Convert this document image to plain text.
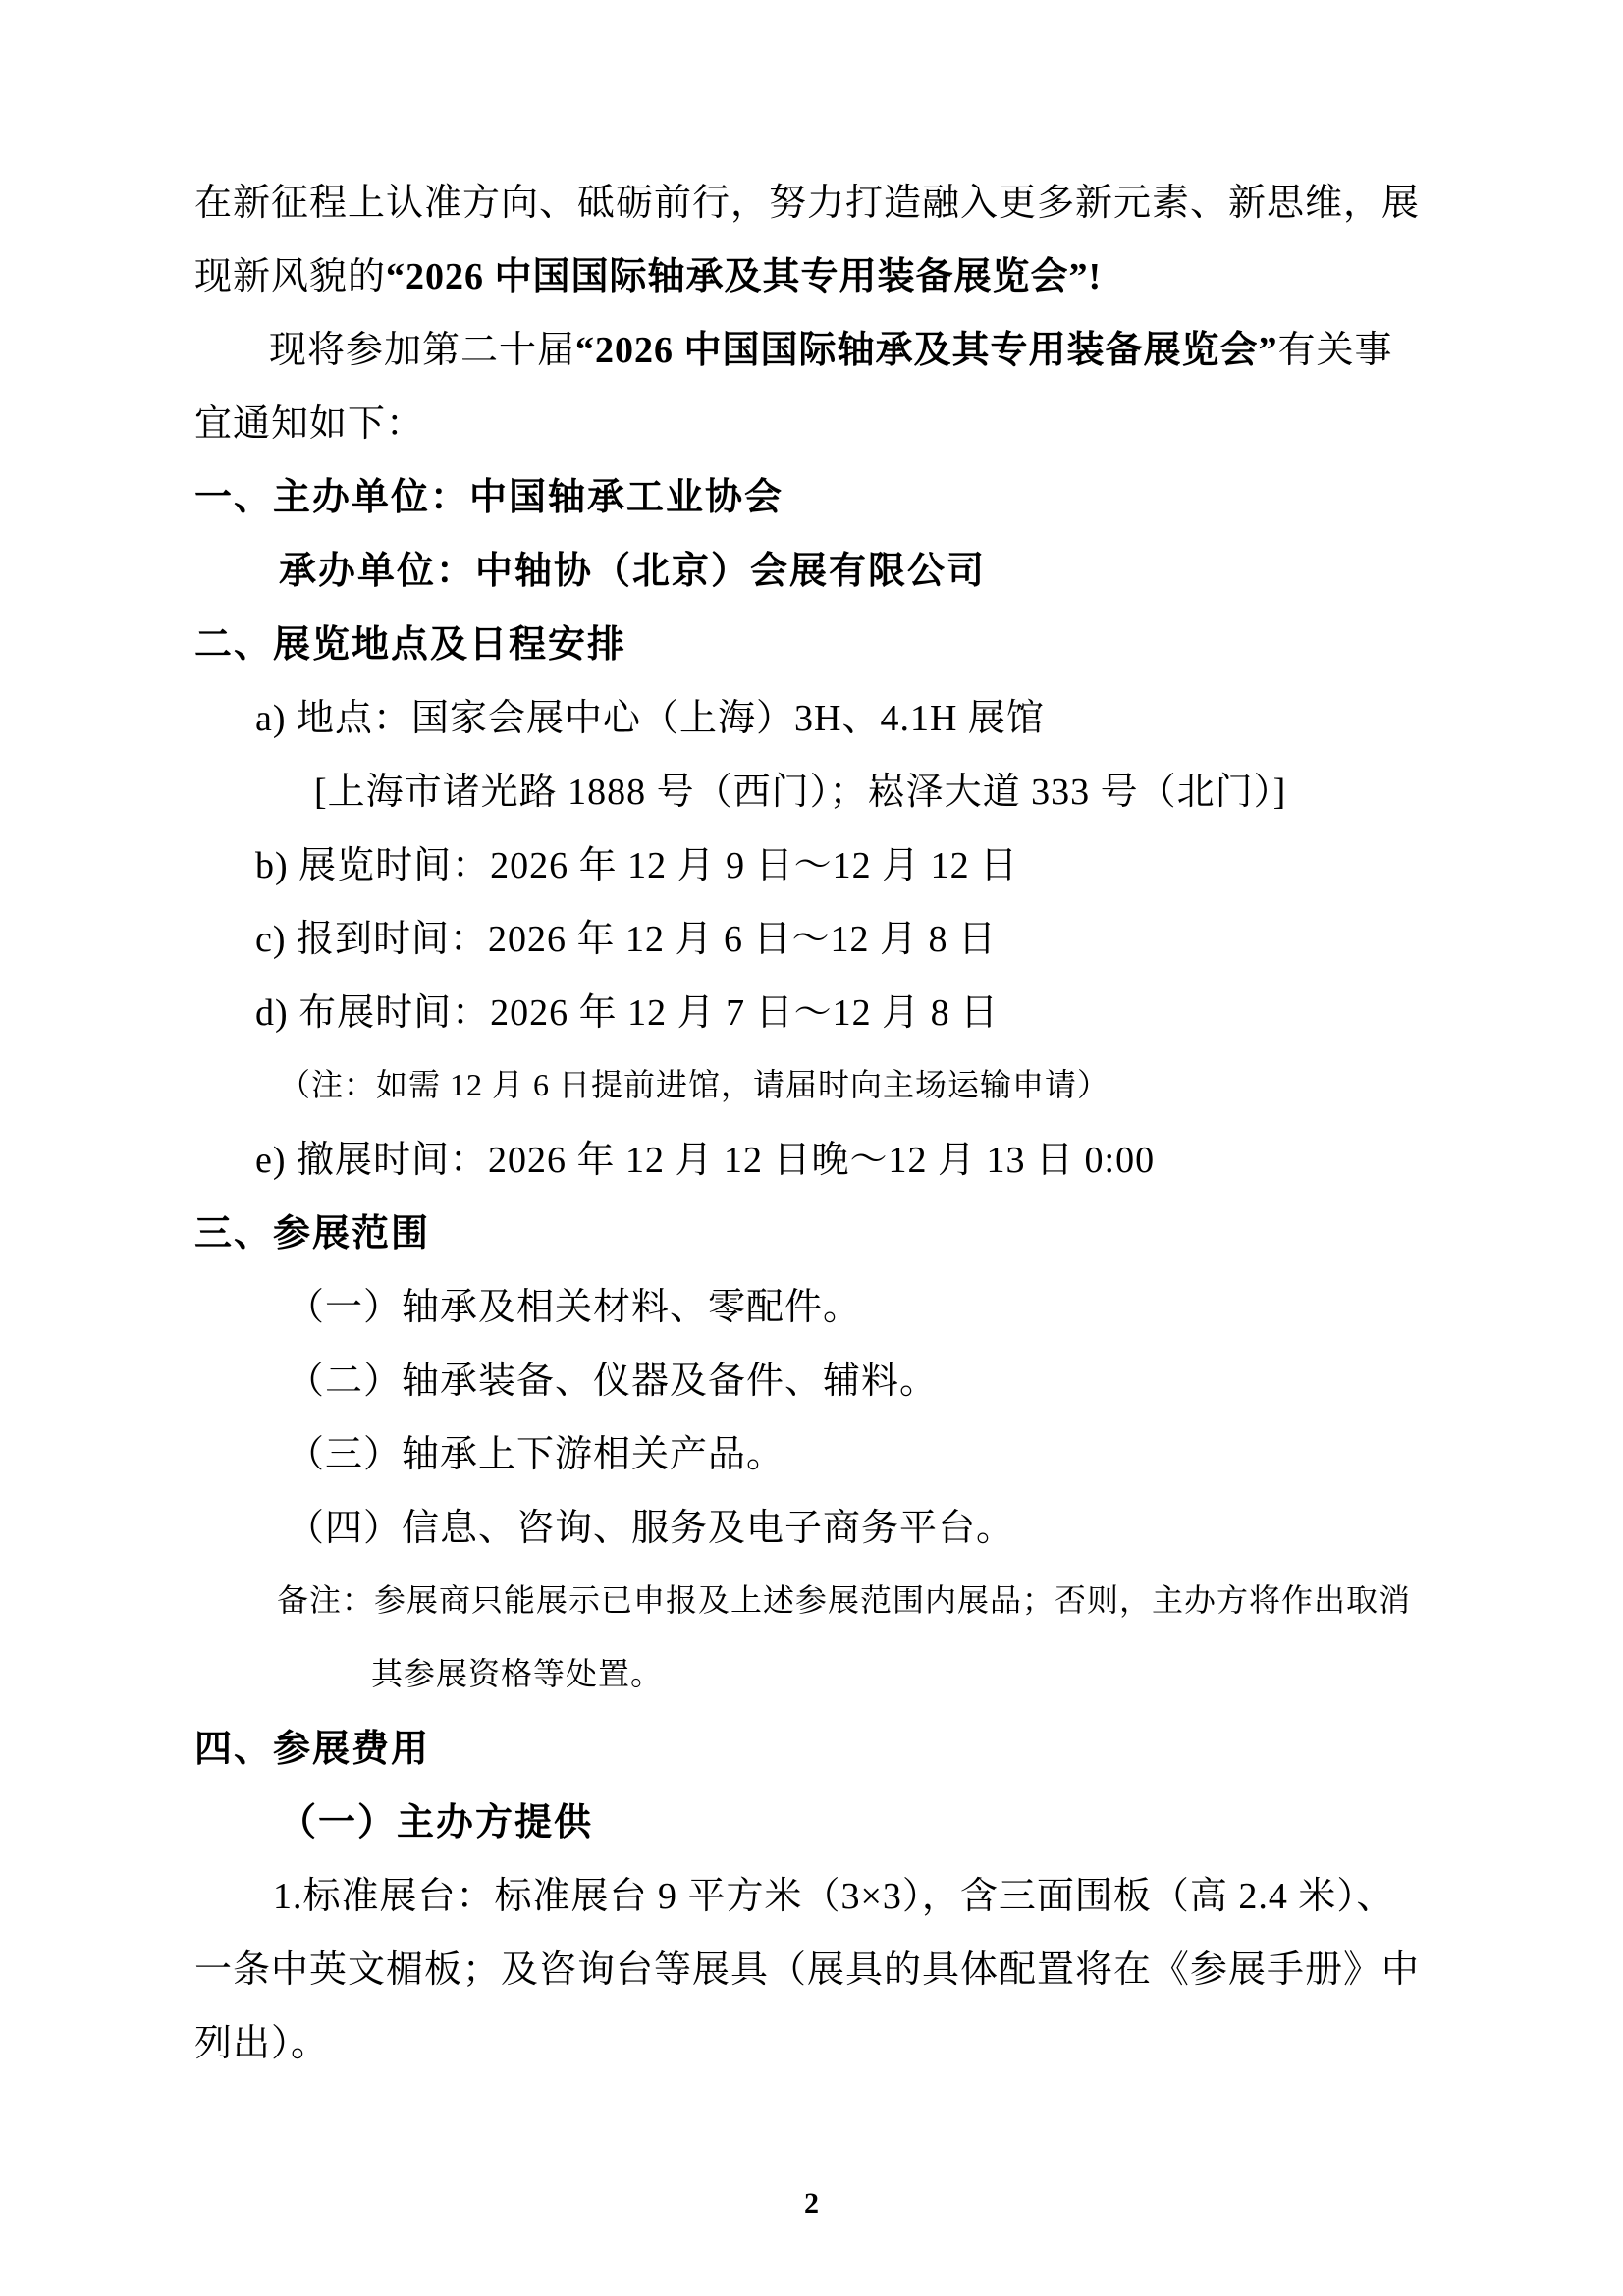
在新征程上认准方向、砥砺前行，努力打造融入更多新元素、新思维，展
现新风貌的 “2026 中国国际轴承及其专用装备展览会”!
现将参加第二十届 “2026 中国国际轴承及其专用装备展览会” 有关事
宜通知如下：
一、主办单位：中国轴承工业协会
承办单位：中轴协（北京）会展有限公司
二、展览地点及日程安排
a) 地点：国家会展中心（上海）3H、4.1H 展馆
[上海市诸光路 1888 号（西门）；崧泽大道 333 号（北门）]
b) 展览时间：2026 年 12 月 9 日～12 月 12 日
c) 报到时间：2026 年 12 月 6 日～12 月 8 日
d) 布展时间：2026 年 12 月 7 日～12 月 8 日
（注：如需 12 月 6 日提前进馆，请届时向主场运输申请）
e) 撤展时间：2026 年 12 月 12 日晚～12 月 13 日 0:00
三、参展范围
（一）轴承及相关材料、零配件。
（二）轴承装备、仪器及备件、辅料。
（三）轴承上下游相关产品。
（四）信息、咨询、服务及电子商务平台。
备注：参展商只能展示已申报及上述参展范围内展品；否则，主办方将作出取消
其参展资格等处置。
四、参展费用
（一）主办方提供
1.标准展台：标准展台 9 平方米（3×3），含三面围板（高 2.4 米）、
一条中英文楣板；及咨询台等展具（展具的具体配置将在《参展手册》中
列出）。
2
